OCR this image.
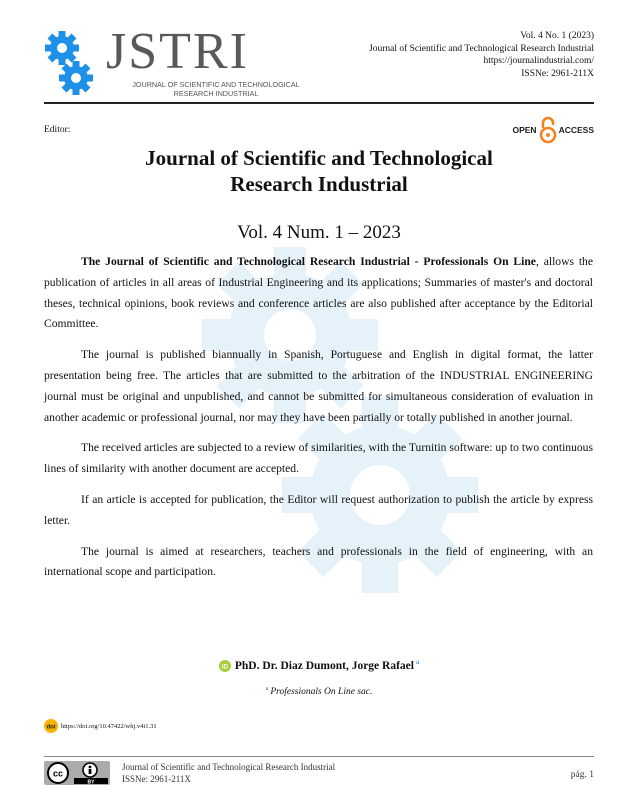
JSTRI
JOURNAL OF SCIENTIFIC AND TECHNOLOGICAL
RESEARCH INDUSTRIAL
Vol. 4 No. 1 (2023)
Journal of Scientific and Technological Research Industrial
https://journalindustrial.com/
ISSNe: 2961-211X
Editor:	OPEN	ACCESS
Journal of Scientific and Technological
Research Industrial
Vol. 4 Num. 1 – 2023

The Journal of Scientific and Technological Research Industrial - Professionals On Line, allows the publication of articles in all areas of Industrial Engineering and its applications; Summaries of master's and doctoral theses, technical opinions, book reviews and conference articles are also published after acceptance by the Editorial Committee.

The journal is published biannually in Spanish, Portuguese and English in digital format, the latter presentation being free. The articles that are submitted to the arbitration of the INDUSTRIAL ENGINEERING journal must be original and unpublished, and cannot be submitted for simultaneous consideration of evaluation in another academic or professional journal, nor may they have been partially or totally published in another journal.

The received articles are subjected to a review of similarities, with the Turnitin software: up to two continuous lines of similarity with another document are accepted.

If an article is accepted for publication, the Editor will request authorization to publish the article by express letter.

The journal is aimed at researchers, teachers and professionals in the field of engineering, with an international scope and participation.

iD PhD. Dr. Diaz Dumont, Jorge Rafael $^a$
$^a$ Professionals On Line sac.
doi https://doi.org/10.47422/whj.v4i1.31
cc
BY
Journal of Scientific and Technological Research Industrial
ISSNe: 2961-211X	pág. 1
